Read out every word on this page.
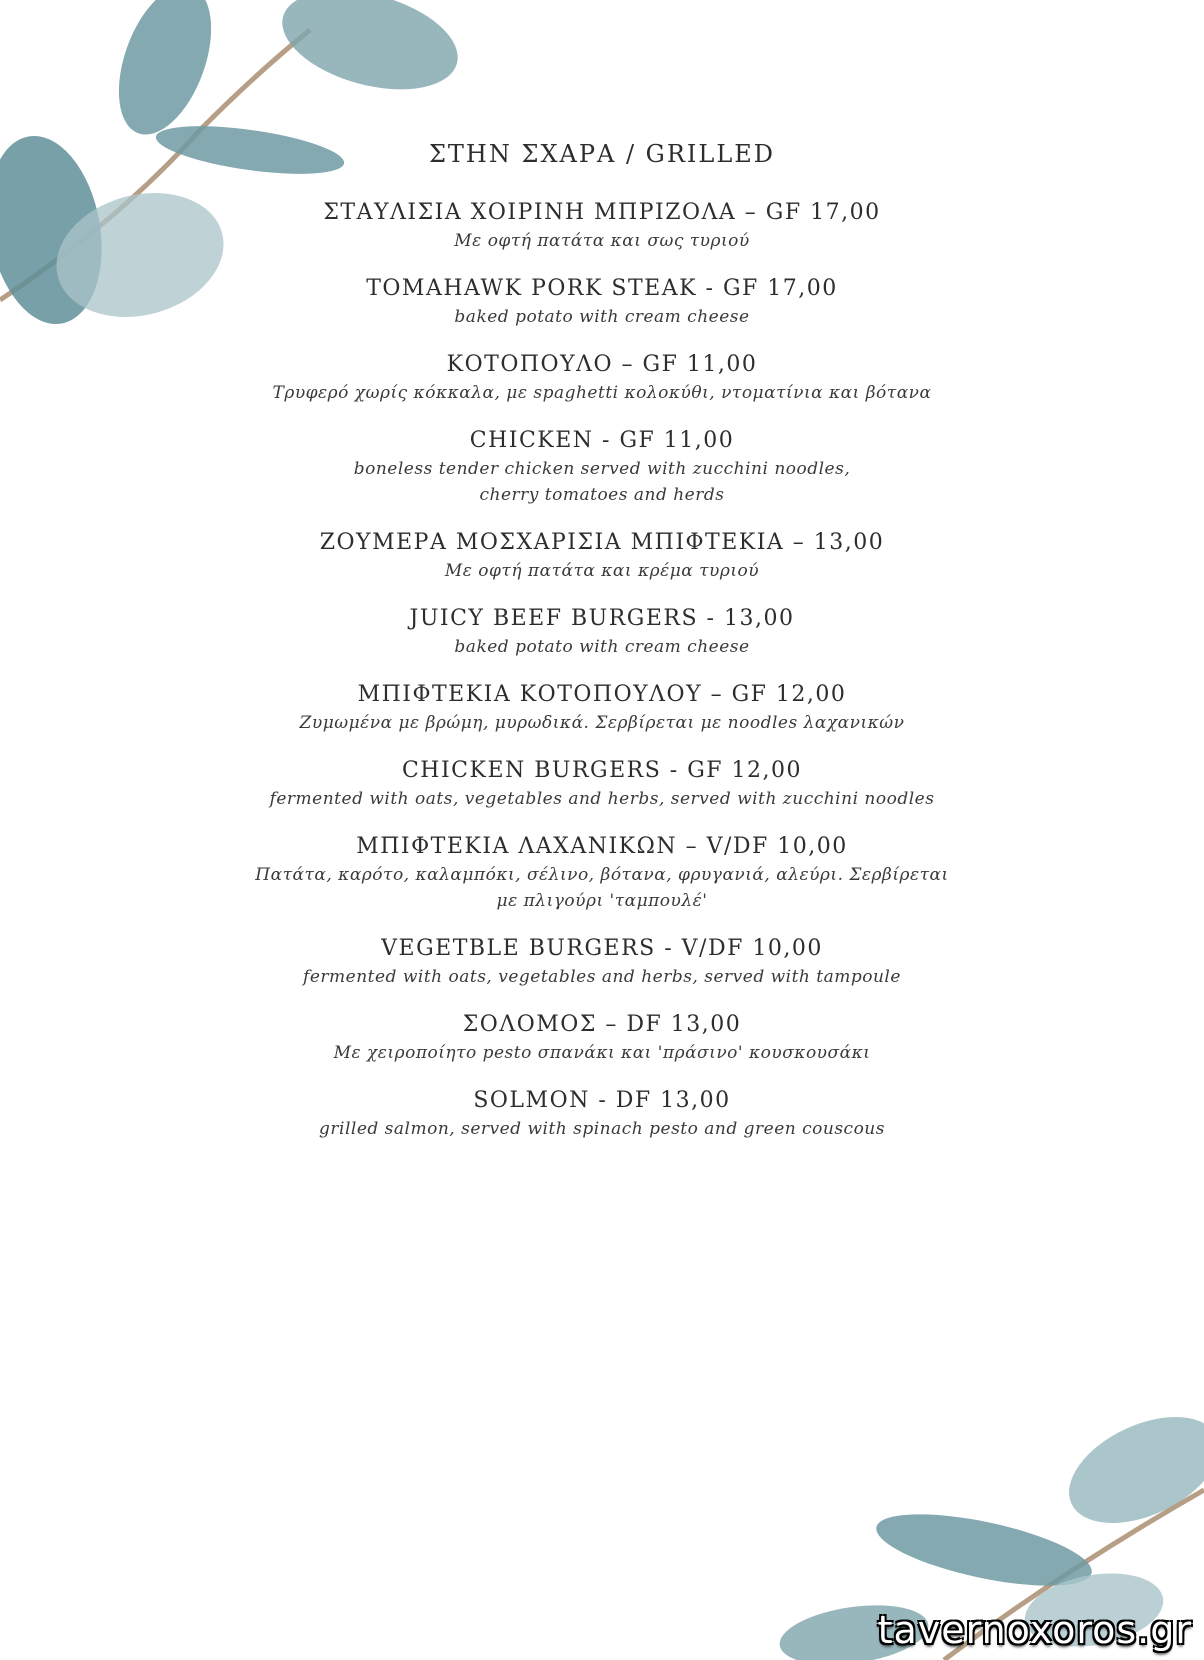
ΣΤΗΝ ΣΧΑΡΑ / GRILLED
ΣΤΑΥΛΙΣΙΑ ΧΟΙΡΙΝΗ ΜΠΡΙΖΟΛΑ – GF 17,00
Με οφτή πατάτα και σως τυριού
TOMAHAWK PORK STEAK - GF 17,00
baked potato with cream cheese
ΚΟΤΟΠΟΥΛΟ – GF 11,00
Τρυφερό χωρίς κόκκαλα, με spaghetti κολοκύθι, ντοματίνια και βότανα
CHICKEN - GF 11,00
boneless tender chicken served with zucchini noodles,
cherry tomatoes and herds
ΖΟΥΜΕΡΑ ΜΟΣΧΑΡΙΣΙΑ ΜΠΙΦΤΕΚΙΑ – 13,00
Με οφτή πατάτα και κρέμα τυριού
JUICY BEEF BURGERS - 13,00
baked potato with cream cheese
ΜΠΙΦΤΕΚΙΑ ΚΟΤΟΠΟΥΛΟΥ – GF 12,00
Ζυμωμένα με βρώμη, μυρωδικά. Σερβίρεται με noodles λαχανικών
CHICKEN BURGERS - GF 12,00
fermented with oats, vegetables and herbs, served with zucchini noodles
ΜΠΙΦΤΕΚΙΑ ΛΑΧΑΝΙΚΩΝ – V/DF 10,00
Πατάτα, καρότο, καλαμπόκι, σέλινο, βότανα, φρυγανιά, αλεύρι. Σερβίρεται
με πλιγούρι 'ταμπουλέ'
VEGETBLE BURGERS - V/DF 10,00
fermented with oats, vegetables and herbs, served with tampoule
ΣΟΛΟΜΟΣ – DF 13,00
Με χειροποίητο pesto σπανάκι και 'πράσινο' κουσκουσάκι
SOLMON - DF 13,00
grilled salmon, served with spinach pesto and green couscous
tavernoxoros.gr
